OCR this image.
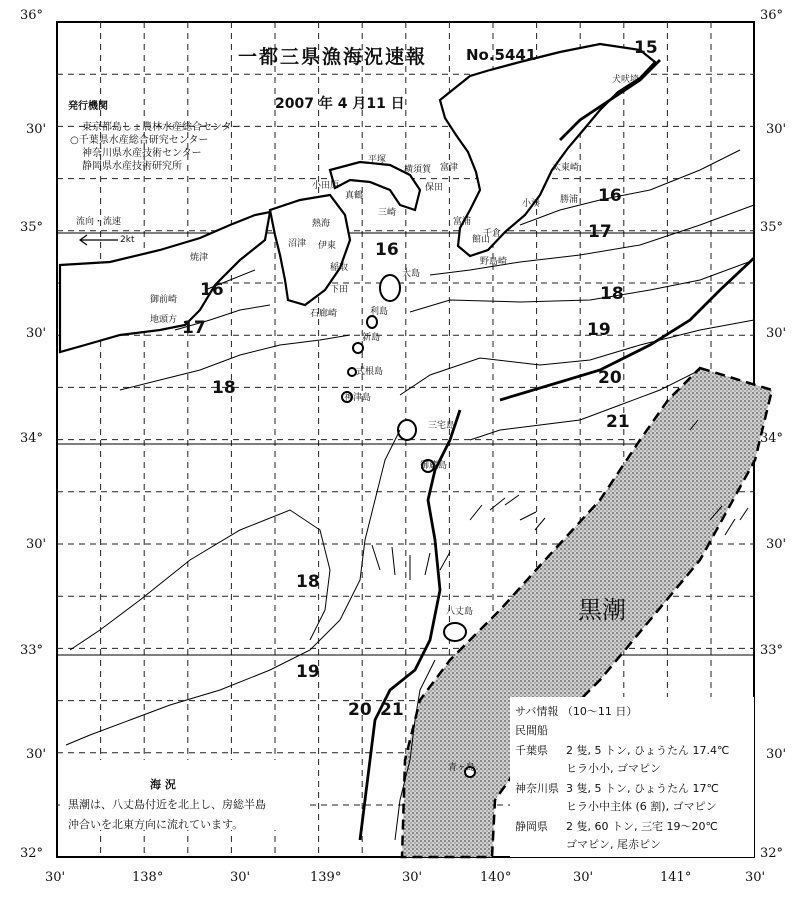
一都三県漁海況速報	No.5441
2007 年 4 月11 日
発行機関
東京都島しょ農林水産総合センター
○千葉県水産総合研究センター
神奈川県水産技術センター
静岡県水産技術研究所
流向・流速
2kt
36°
30'
35°
30'
34°
30'
33°
30'
32°
36°
30'
35°
30'
34°
30'
33°
30'
32°
30'	138°	30'	139°	30'	140°	30'	141°	30'
15
16
16
16
17
17
18
18
18
19
19
20
20
21
21
黒潮
犬吠埼
太東崎
勝浦
小湊
千倉
野島崎
館山
富浦
保田
富津
横須賀
平塚
小田原
真鶴
三崎
熱海
伊東
稲取
下田
石廊崎
焼津
御前崎
地頭方
大島
利島
新島
式根島
神津島
三宅島
御蔵島
八丈島
青ヶ島
沼津
サバ情報 （10～11 日）
民間船
千葉県 2 隻, 5 トン, ひょうたん 17.4℃
ヒラ小小, ゴマピン
神奈川県 3 隻, 5 トン, ひょうたん 17℃
ヒラ小中主体 (6 割), ゴマピン
静岡県 2 隻, 60 トン, 三宅 19～20℃
ゴマピン, 尾赤ピン
海 況
黒潮は、八丈島付近を北上し、房総半島
沖合いを北東方向に流れています。
